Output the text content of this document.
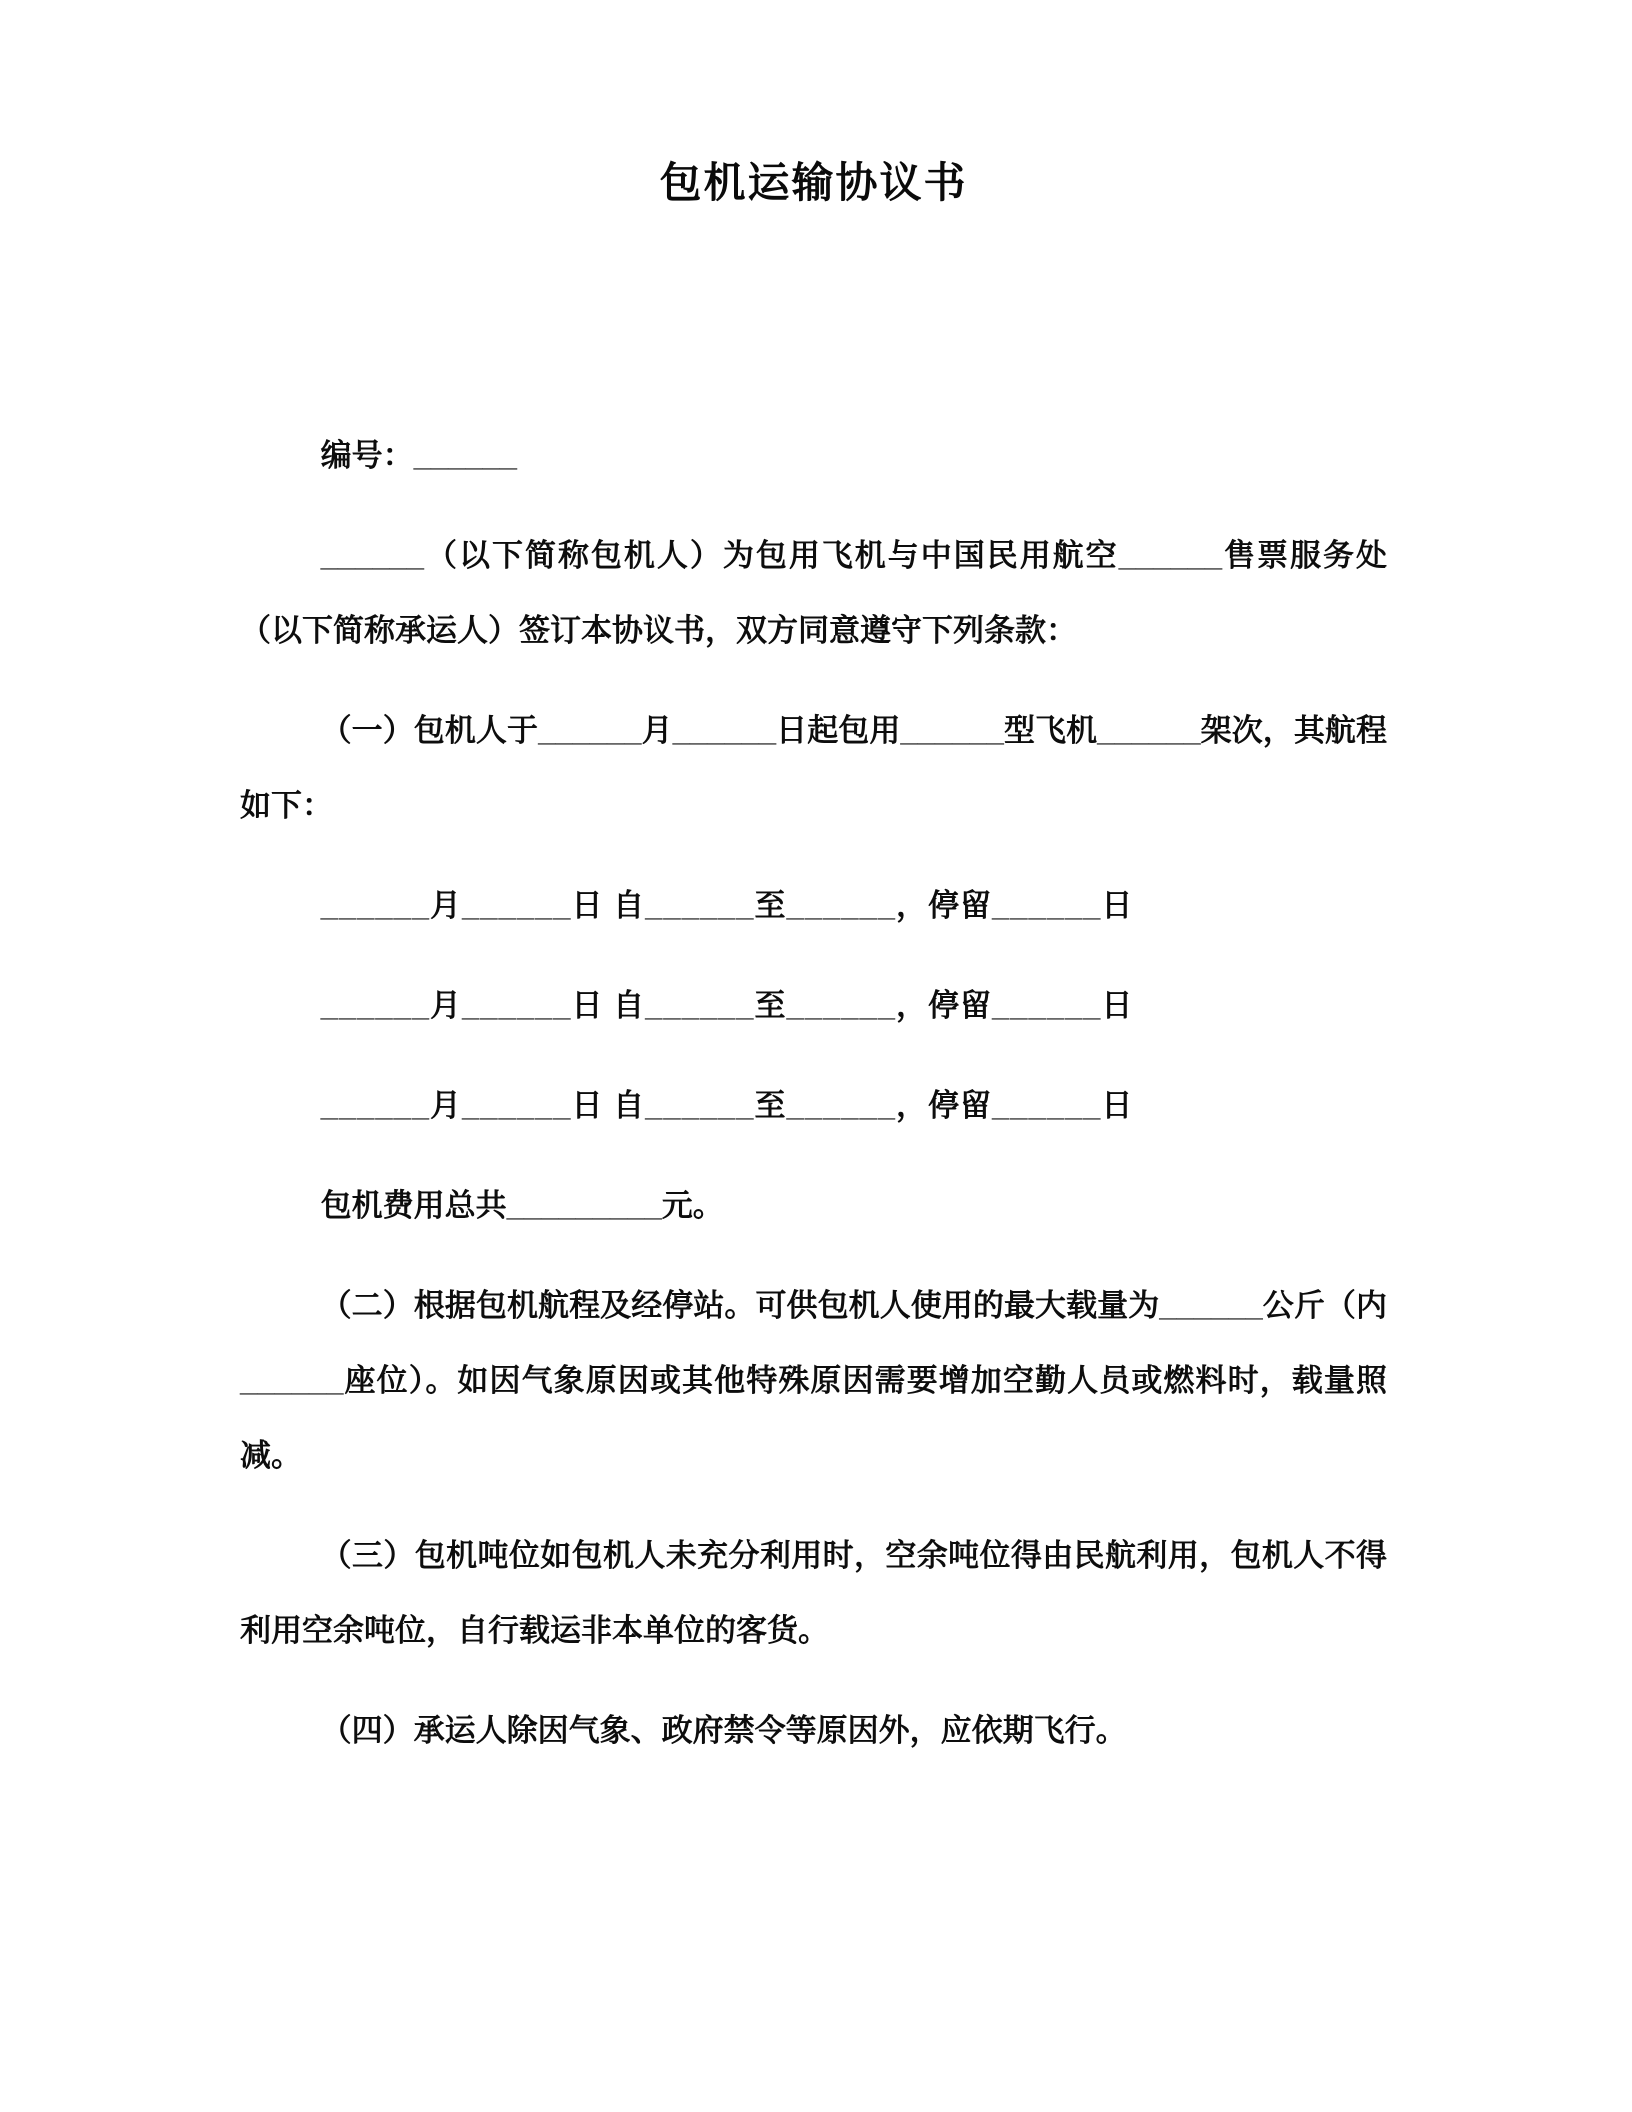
包机运输协议书

编号：______

______（以下简称包机人）为包用飞机与中国民用航空______售票服务处（以下简称承运人）签订本协议书，双方同意遵守下列条款：

（一）包机人于______月______日起包用______型飞机______架次，其航程如下：

______月______日 自______至______，停留______日

______月______日 自______至______，停留______日

______月______日 自______至______，停留______日

包机费用总共_________元。

（二）根据包机航程及经停站。可供包机人使用的最大载量为______公斤（内______座位）。如因气象原因或其他特殊原因需要增加空勤人员或燃料时，载量照减。

（三）包机吨位如包机人未充分利用时，空余吨位得由民航利用，包机人不得利用空余吨位，自行载运非本单位的客货。

（四）承运人除因气象、政府禁令等原因外，应依期飞行。
